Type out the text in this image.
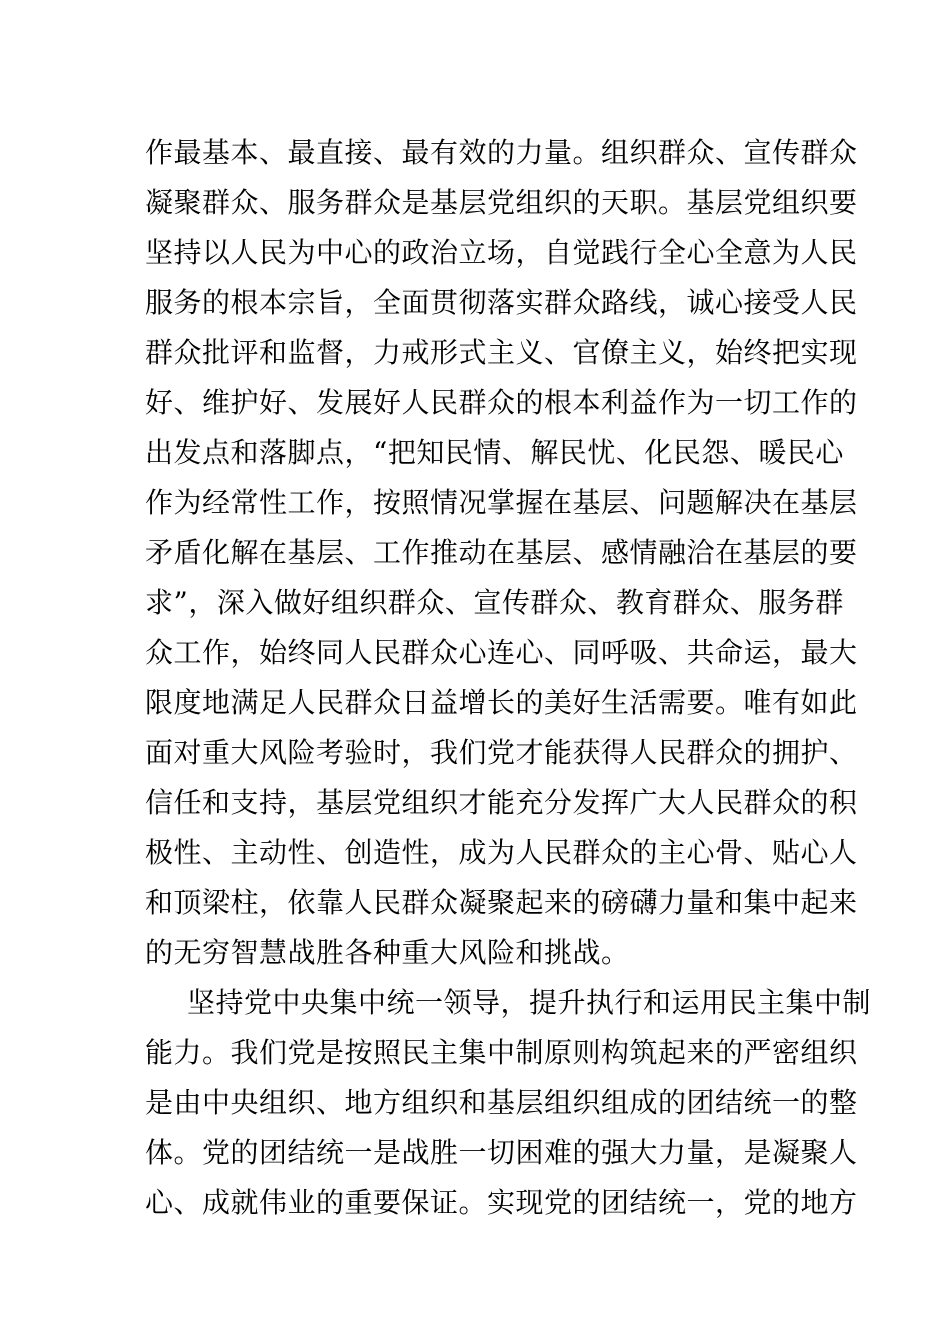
作最基本、最直接、最有效的力量。组织群众、宣传群众
凝聚群众、服务群众是基层党组织的天职。基层党组织要
坚持以人民为中心的政治立场，自觉践行全心全意为人民
服务的根本宗旨，全面贯彻落实群众路线，诚心接受人民
群众批评和监督，力戒形式主义、官僚主义，始终把实现
好、维护好、发展好人民群众的根本利益作为一切工作的
出发点和落脚点，“把知民情、解民忧、化民怨、暖民心
作为经常性工作，按照情况掌握在基层、问题解决在基层
矛盾化解在基层、工作推动在基层、感情融洽在基层的要
求”，深入做好组织群众、宣传群众、教育群众、服务群
众工作，始终同人民群众心连心、同呼吸、共命运，最大
限度地满足人民群众日益增长的美好生活需要。唯有如此
面对重大风险考验时，我们党才能获得人民群众的拥护、
信任和支持，基层党组织才能充分发挥广大人民群众的积
极性、主动性、创造性，成为人民群众的主心骨、贴心人
和顶梁柱，依靠人民群众凝聚起来的磅礴力量和集中起来
的无穷智慧战胜各种重大风险和挑战。
坚持党中央集中统一领导，提升执行和运用民主集中制
能力。我们党是按照民主集中制原则构筑起来的严密组织
是由中央组织、地方组织和基层组织组成的团结统一的整
体。党的团结统一是战胜一切困难的强大力量，是凝聚人
心、成就伟业的重要保证。实现党的团结统一，党的地方
